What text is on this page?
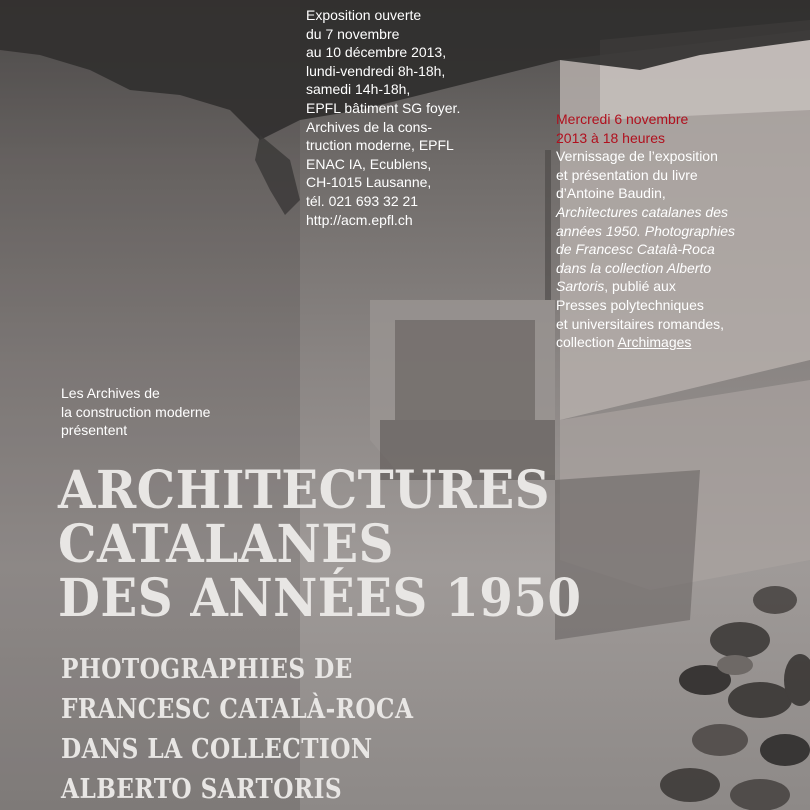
Exposition ouverte
du 7 novembre
au 10 décembre 2013,
lundi-vendredi 8h-18h,
samedi 14h-18h,
EPFL bâtiment SG foyer.
Archives de la cons-
truction moderne, EPFL
ENAC IA, Ecublens,
CH-1015 Lausanne,
tél. 021 693 32 21
http://acm.epfl.ch
Mercredi 6 novembre
2013 à 18 heures
Vernissage de l’exposition
et présentation du livre
d’Antoine Baudin,
Architectures catalanes des
années 1950. Photographies
de Francesc Català-Roca
dans la collection Alberto
Sartoris, publié aux
Presses polytechniques
et universitaires romandes,
collection Archimages
Les Archives de
la construction moderne
présentent
ARCHITECTURES
CATALANES
DES ANNÉES 1950
PHOTOGRAPHIES DE
FRANCESC CATALÀ-ROCA
DANS LA COLLECTION
ALBERTO SARTORIS
